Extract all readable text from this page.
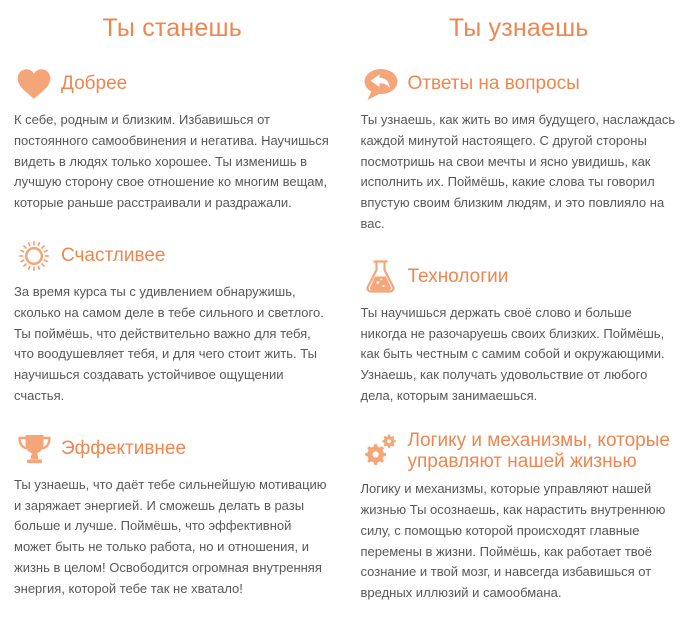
Ты станешь
Добрее

К себе, родным и близким. Избавишься от постоянного самообвинения и негатива. Научишься видеть в людях только хорошее. Ты изменишь в лучшую сторону свое отношение ко многим вещам, которые раньше расстраивали и раздражали.

Счастливее

За время курса ты с удивлением обнаружишь, сколько на самом деле в тебе сильного и светлого. Ты поймёшь, что действительно важно для тебя, что воодушевляет тебя, и для чего стоит жить. Ты научишься создавать устойчивое ощущении счастья.

Эффективнее

Ты узнаешь, что даёт тебе сильнейшую мотивацию и заряжает энергией. И сможешь делать в разы больше и лучше. Поймёшь, что эффективной может быть не только работа, но и отношения, и жизнь в целом! Освободится огромная внутренняя энергия, которой тебе так не хватало!

Ты узнаешь
Ответы на вопросы

Ты узнаешь, как жить во имя будущего, наслаждась каждой минутой настоящего. С другой стороны посмотришь на свои мечты и ясно увидишь, как исполнить их. Поймёшь, какие слова ты говорил впустую своим близким людям, и это повлияло на вас.

Технологии

Ты научишься держать своё слово и больше никогда не разочаруешь своих близких. Поймёшь, как быть честным с самим собой и окружающими. Узнаешь, как получать удовольствие от любого дела, которым занимаешься.

Логику и механизмы, которые управляют нашей жизнью

Логику и механизмы, которые управляют нашей жизнью Ты осознаешь, как нарастить внутреннюю силу, с помощью которой происходят главные перемены в жизни. Поймёшь, как работает твоё сознание и твой мозг, и навсегда избавишься от вредных иллюзий и самообмана.
